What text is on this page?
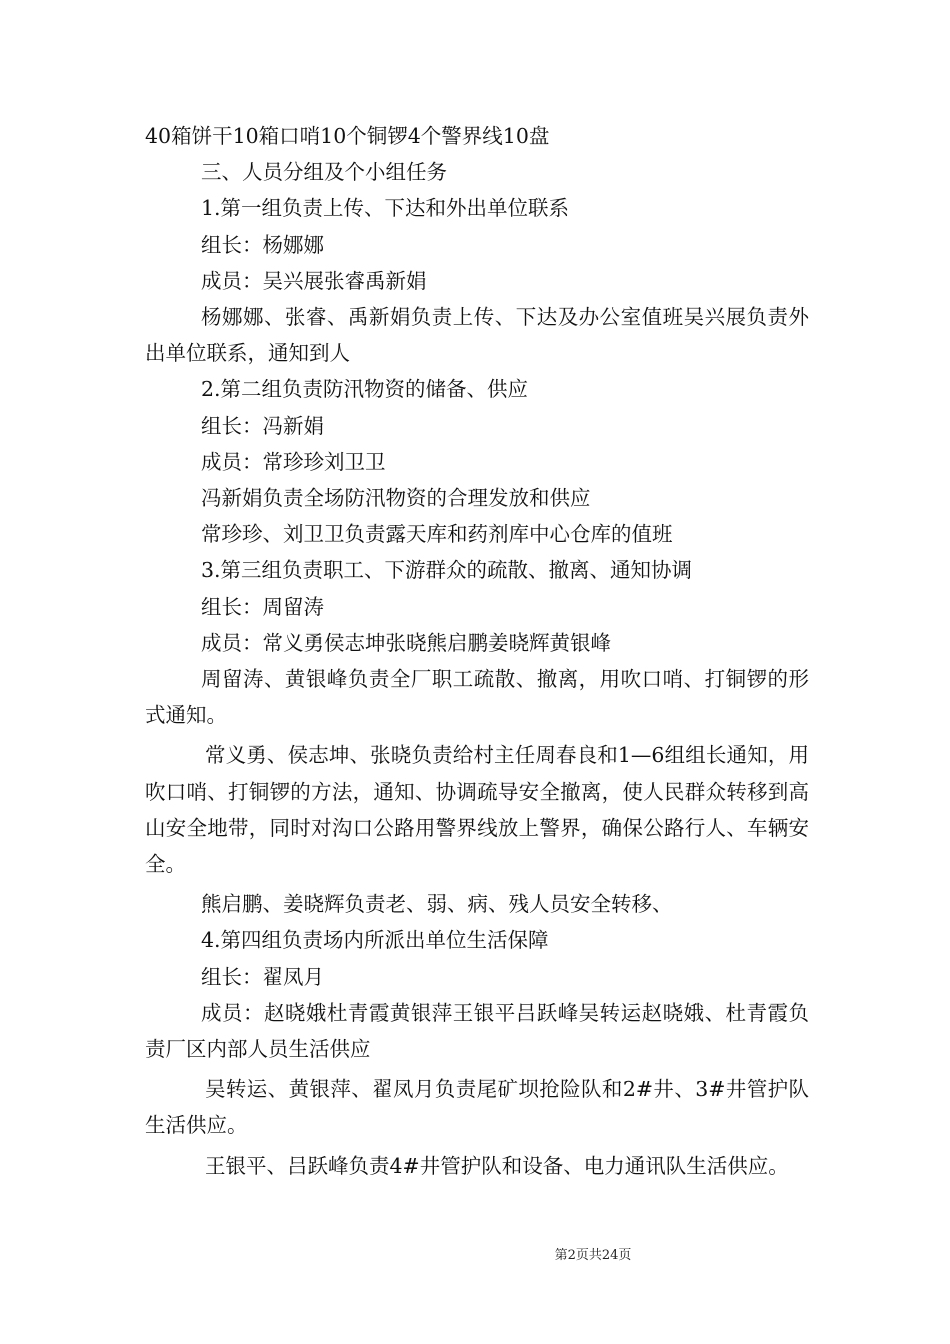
40箱饼干10箱口哨10个铜锣4个警界线10盘

三、人员分组及个小组任务

1.第一组负责上传、下达和外出单位联系

组长：杨娜娜

成员：吴兴展张睿禹新娟

杨娜娜、张睿、禹新娟负责上传、下达及办公室值班吴兴展负责外出单位联系，通知到人

2.第二组负责防汛物资的储备、供应

组长：冯新娟

成员：常珍珍刘卫卫

冯新娟负责全场防汛物资的合理发放和供应

常珍珍、刘卫卫负责露天库和药剂库中心仓库的值班

3.第三组负责职工、下游群众的疏散、撤离、通知协调

组长：周留涛

成员：常义勇侯志坤张晓熊启鹏姜晓辉黄银峰

周留涛、黄银峰负责全厂职工疏散、撤离，用吹口哨、打铜锣的形式通知。

常义勇、侯志坤、张晓负责给村主任周春良和1—6组组长通知，用吹口哨、打铜锣的方法，通知、协调疏导安全撤离，使人民群众转移到高山安全地带，同时对沟口公路用警界线放上警界，确保公路行人、车辆安全。

熊启鹏、姜晓辉负责老、弱、病、残人员安全转移、

4.第四组负责场内所派出单位生活保障

组长：翟凤月

成员：赵晓娥杜青霞黄银萍王银平吕跃峰吴转运赵晓娥、杜青霞负责厂区内部人员生活供应

吴转运、黄银萍、翟凤月负责尾矿坝抢险队和2#井、3#井管护队生活供应。

王银平、吕跃峰负责4#井管护队和设备、电力通讯队生活供应。

第2页共24页
